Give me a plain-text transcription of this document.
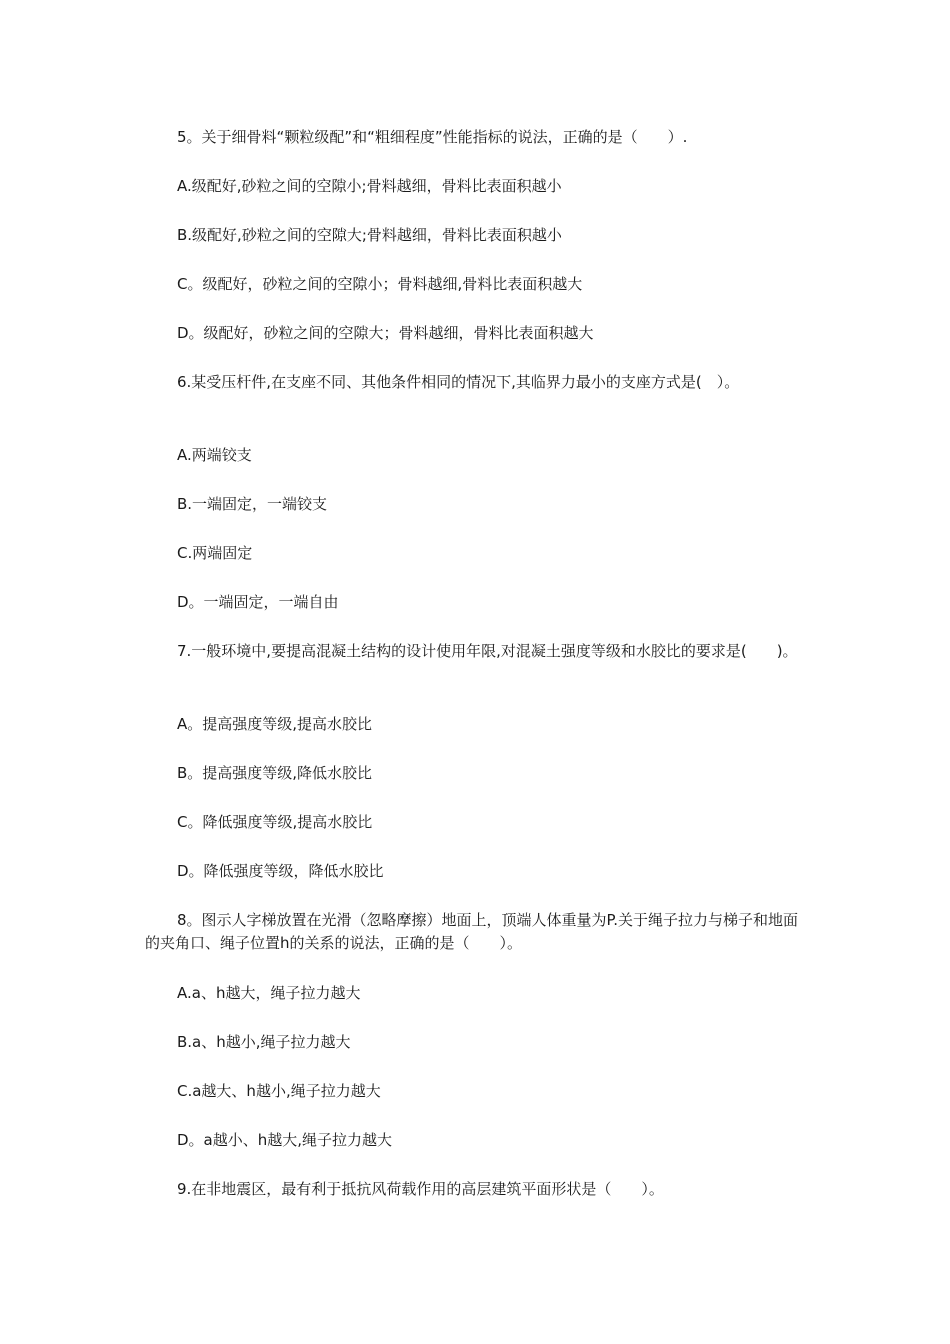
5。关于细骨料“颗粒级配”和“粗细程度”性能指标的说法，正确的是（　　）.

A.级配好,砂粒之间的空隙小;骨料越细，骨料比表面积越小

B.级配好,砂粒之间的空隙大;骨料越细，骨料比表面积越小

C。级配好，砂粒之间的空隙小；骨料越细,骨料比表面积越大

D。级配好，砂粒之间的空隙大；骨料越细，骨料比表面积越大

6.某受压杆件,在支座不同、其他条件相同的情况下,其临界力最小的支座方式是(　）。

A.两端铰支

B.一端固定，一端铰支

C.两端固定

D。一端固定，一端自由

7.一般环境中,要提高混凝土结构的设计使用年限,对混凝土强度等级和水胶比的要求是(　　)。

A。提高强度等级,提高水胶比

B。提高强度等级,降低水胶比

C。降低强度等级,提高水胶比

D。降低强度等级，降低水胶比

8。图示人字梯放置在光滑（忽略摩擦）地面上，顶端人体重量为P.关于绳子拉力与梯子和地面的夹角口、绳子位置h的关系的说法，正确的是（　　）。

A.a、h越大，绳子拉力越大

B.a、h越小,绳子拉力越大

C.a越大、h越小,绳子拉力越大

D。a越小、h越大,绳子拉力越大

9.在非地震区，最有利于抵抗风荷载作用的高层建筑平面形状是（　　）。
